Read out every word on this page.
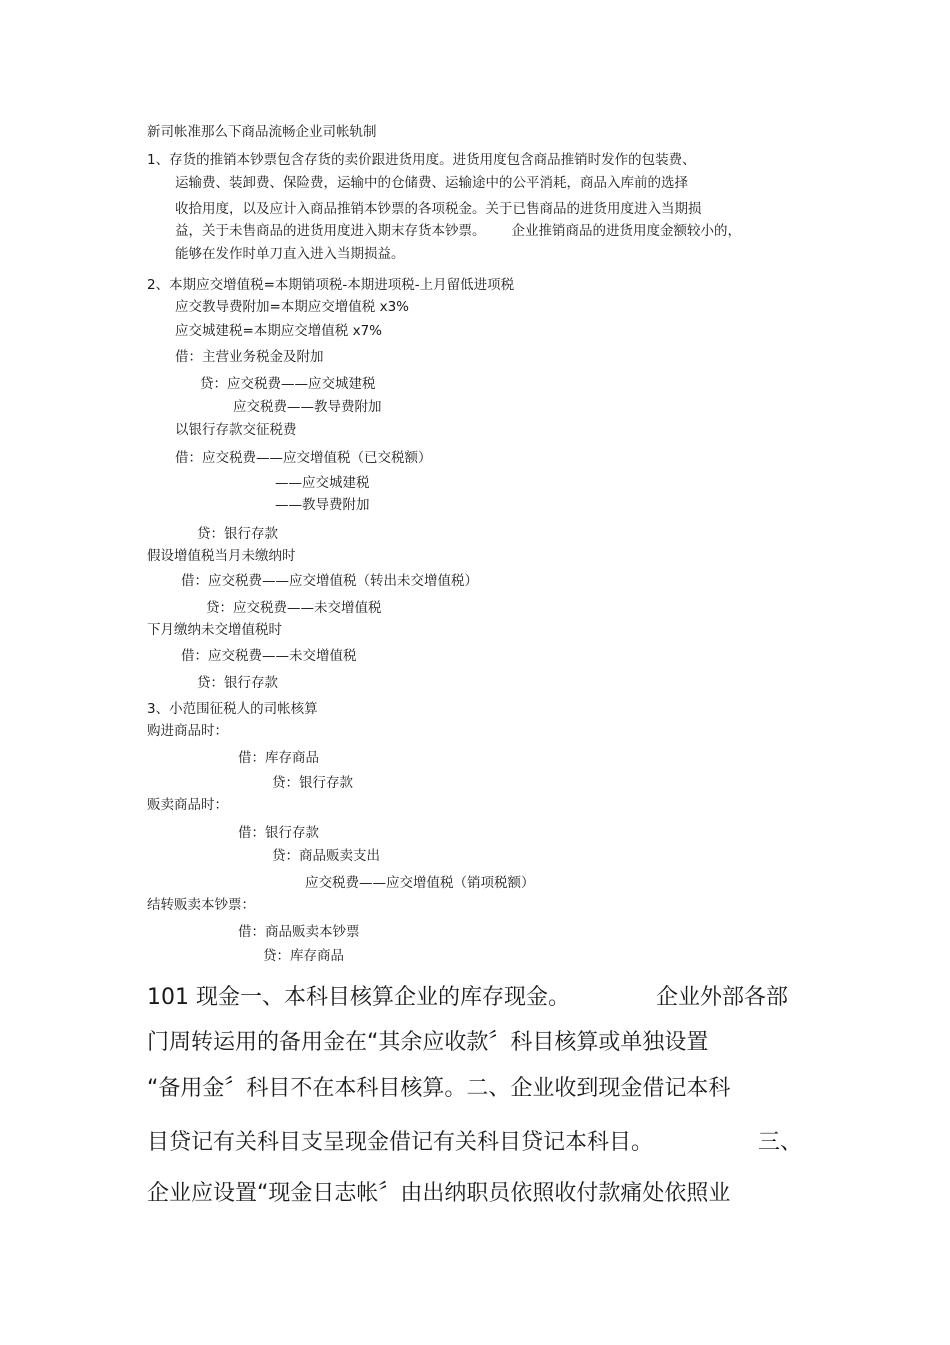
新司帐准那么下商品流畅企业司帐轨制
1、存货的推销本钞票包含存货的卖价跟进货用度。进货用度包含商品推销时发作的包装费、
运输费、装卸费、保险费，运输中的仓储费、运输途中的公平消耗，商品入库前的选择
收拾用度，以及应计入商品推销本钞票的各项税金。关于已售商品的进货用度进入当期损
益，关于未售商品的进货用度进入期末存货本钞票。 企业推销商品的进货用度金额较小的，
能够在发作时单刀直入进入当期损益。
2、本期应交增值税=本期销项税-本期进项税-上月留低进项税
应交教导费附加=本期应交增值税 x3%
应交城建税=本期应交增值税 x7%
借：主营业务税金及附加
贷：应交税费——应交城建税
应交税费——教导费附加
以银行存款交征税费
借：应交税费——应交增值税（已交税额）
——应交城建税
——教导费附加
贷：银行存款
假设增值税当月未缴纳时
借：应交税费——应交增值税（转出未交增值税）
贷：应交税费——未交增值税
下月缴纳未交增值税时
借：应交税费——未交增值税
贷：银行存款
3、小范围征税人的司帐核算
购进商品时：
借：库存商品
贷：银行存款
贩卖商品时：
借：银行存款
贷：商品贩卖支出
应交税费——应交增值税（销项税额）
结转贩卖本钞票：
借：商品贩卖本钞票
贷：库存商品
101 现金一、本科目核算企业的库存现金。	企业外部各部
门周转运用的备用金在“其余应收款〞科目核算或单独设置
“备用金〞科目不在本科目核算。二、企业收到现金借记本科
目贷记有关科目支呈现金借记有关科目贷记本科目。	三、
企业应设置“现金日志帐〞由出纳职员依照收付款痛处依照业
